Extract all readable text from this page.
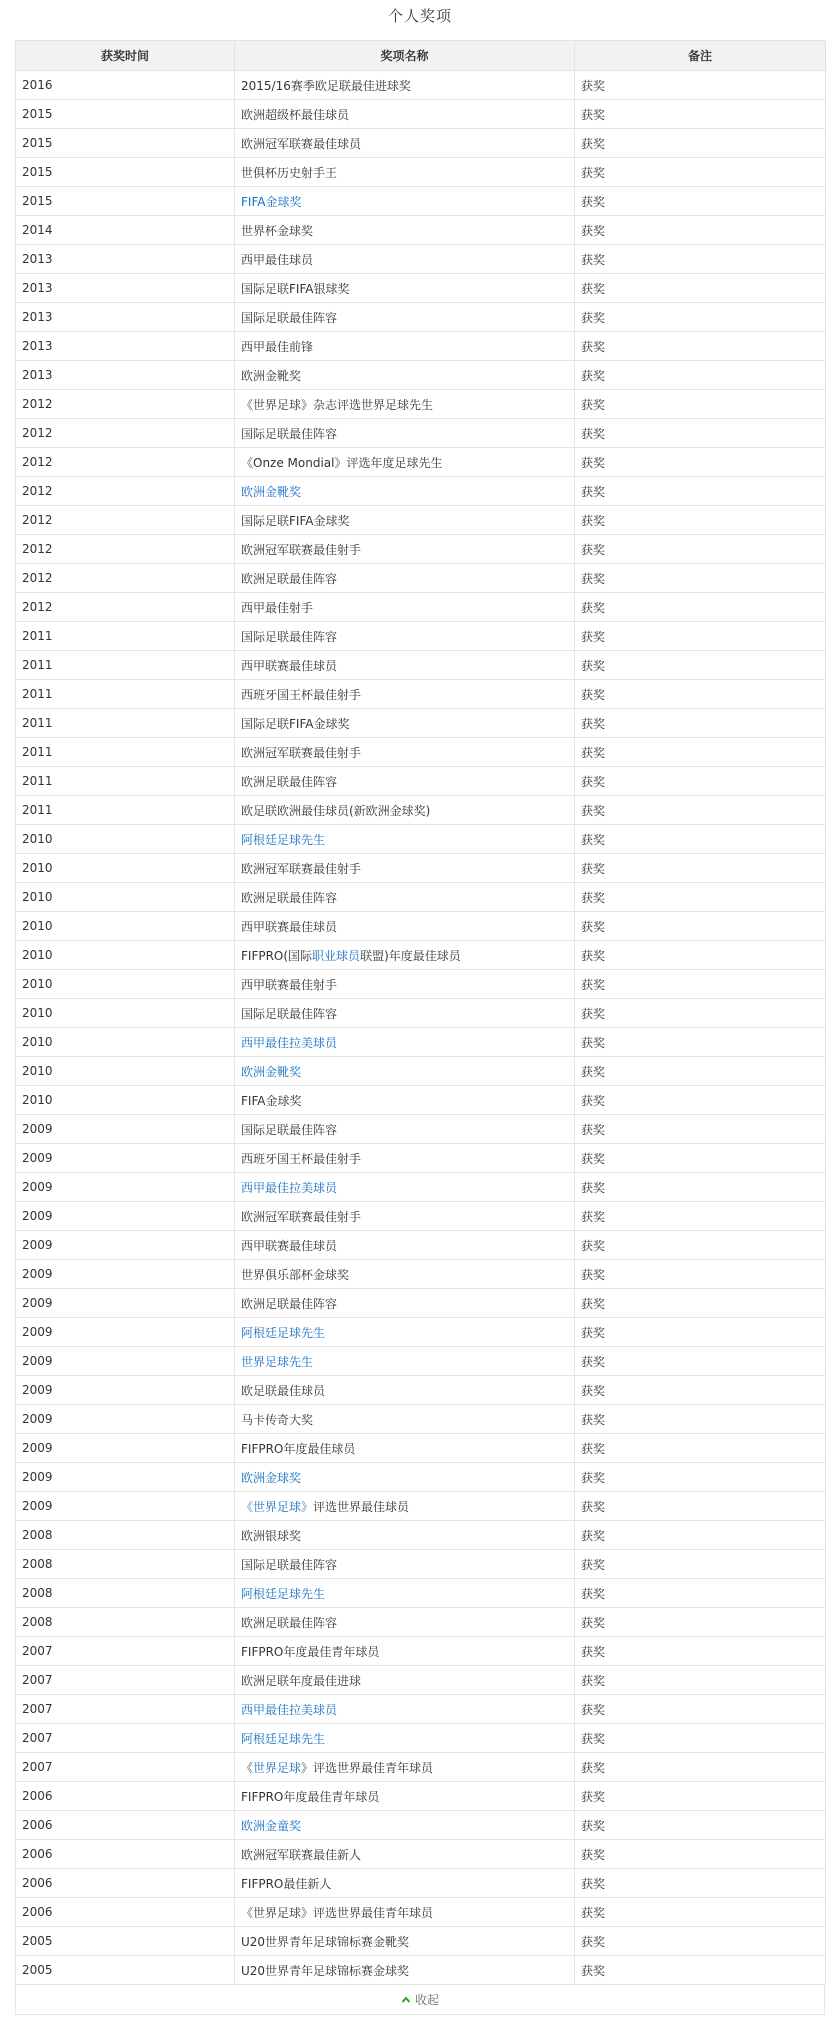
个人奖项
获奖时间	奖项名称	备注
2016	2015/16赛季欧足联最佳进球奖	获奖
2015	欧洲超级杯最佳球员	获奖
2015	欧洲冠军联赛最佳球员	获奖
2015	世俱杯历史射手王	获奖
2015	FIFA金球奖	获奖
2014	世界杯金球奖	获奖
2013	西甲最佳球员	获奖
2013	国际足联FIFA银球奖	获奖
2013	国际足联最佳阵容	获奖
2013	西甲最佳前锋	获奖
2013	欧洲金靴奖	获奖
2012	《世界足球》杂志评选世界足球先生	获奖
2012	国际足联最佳阵容	获奖
2012	《Onze Mondial》评选年度足球先生	获奖
2012	欧洲金靴奖	获奖
2012	国际足联FIFA金球奖	获奖
2012	欧洲冠军联赛最佳射手	获奖
2012	欧洲足联最佳阵容	获奖
2012	西甲最佳射手	获奖
2011	国际足联最佳阵容	获奖
2011	西甲联赛最佳球员	获奖
2011	西班牙国王杯最佳射手	获奖
2011	国际足联FIFA金球奖	获奖
2011	欧洲冠军联赛最佳射手	获奖
2011	欧洲足联最佳阵容	获奖
2011	欧足联欧洲最佳球员(新欧洲金球奖)	获奖
2010	阿根廷足球先生	获奖
2010	欧洲冠军联赛最佳射手	获奖
2010	欧洲足联最佳阵容	获奖
2010	西甲联赛最佳球员	获奖
2010	FIFPRO(国际职业球员联盟)年度最佳球员	获奖
2010	西甲联赛最佳射手	获奖
2010	国际足联最佳阵容	获奖
2010	西甲最佳拉美球员	获奖
2010	欧洲金靴奖	获奖
2010	FIFA金球奖	获奖
2009	国际足联最佳阵容	获奖
2009	西班牙国王杯最佳射手	获奖
2009	西甲最佳拉美球员	获奖
2009	欧洲冠军联赛最佳射手	获奖
2009	西甲联赛最佳球员	获奖
2009	世界俱乐部杯金球奖	获奖
2009	欧洲足联最佳阵容	获奖
2009	阿根廷足球先生	获奖
2009	世界足球先生	获奖
2009	欧足联最佳球员	获奖
2009	马卡传奇大奖	获奖
2009	FIFPRO年度最佳球员	获奖
2009	欧洲金球奖	获奖
2009	《世界足球》评选世界最佳球员	获奖
2008	欧洲银球奖	获奖
2008	国际足联最佳阵容	获奖
2008	阿根廷足球先生	获奖
2008	欧洲足联最佳阵容	获奖
2007	FIFPRO年度最佳青年球员	获奖
2007	欧洲足联年度最佳进球	获奖
2007	西甲最佳拉美球员	获奖
2007	阿根廷足球先生	获奖
2007	《世界足球》评选世界最佳青年球员	获奖
2006	FIFPRO年度最佳青年球员	获奖
2006	欧洲金童奖	获奖
2006	欧洲冠军联赛最佳新人	获奖
2006	FIFPRO最佳新人	获奖
2006	《世界足球》评选世界最佳青年球员	获奖
2005	U20世界青年足球锦标赛金靴奖	获奖
2005	U20世界青年足球锦标赛金球奖	获奖
收起
